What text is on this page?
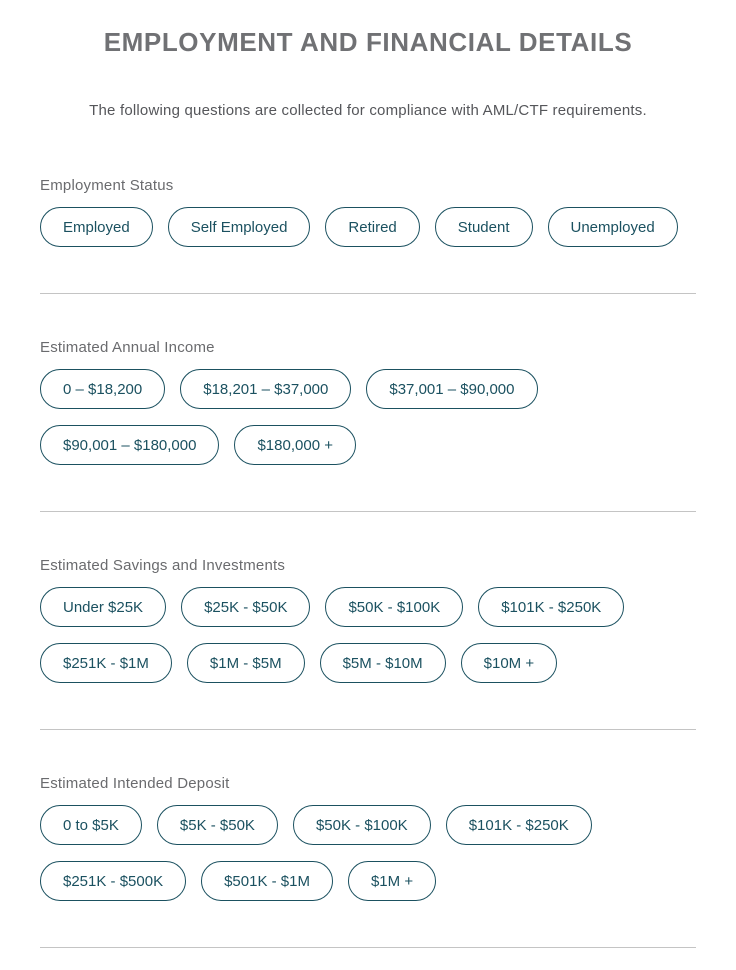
EMPLOYMENT AND FINANCIAL DETAILS

The following questions are collected for compliance with AML/CTF requirements.

Employment Status
Employed	Self Employed	Retired	Student	Unemployed
Estimated Annual Income
0 – $18,200	$18,201 – $37,000	$37,001 – $90,000
$90,001 – $180,000	$180,000 +
Estimated Savings and Investments
Under $25K	$25K - $50K	$50K - $100K	$101K - $250K
$251K - $1M	$1M - $5M	$5M - $10M	$10M +
Estimated Intended Deposit
0 to $5K	$5K - $50K	$50K - $100K	$101K - $250K
$251K - $500K	$501K - $1M	$1M +
